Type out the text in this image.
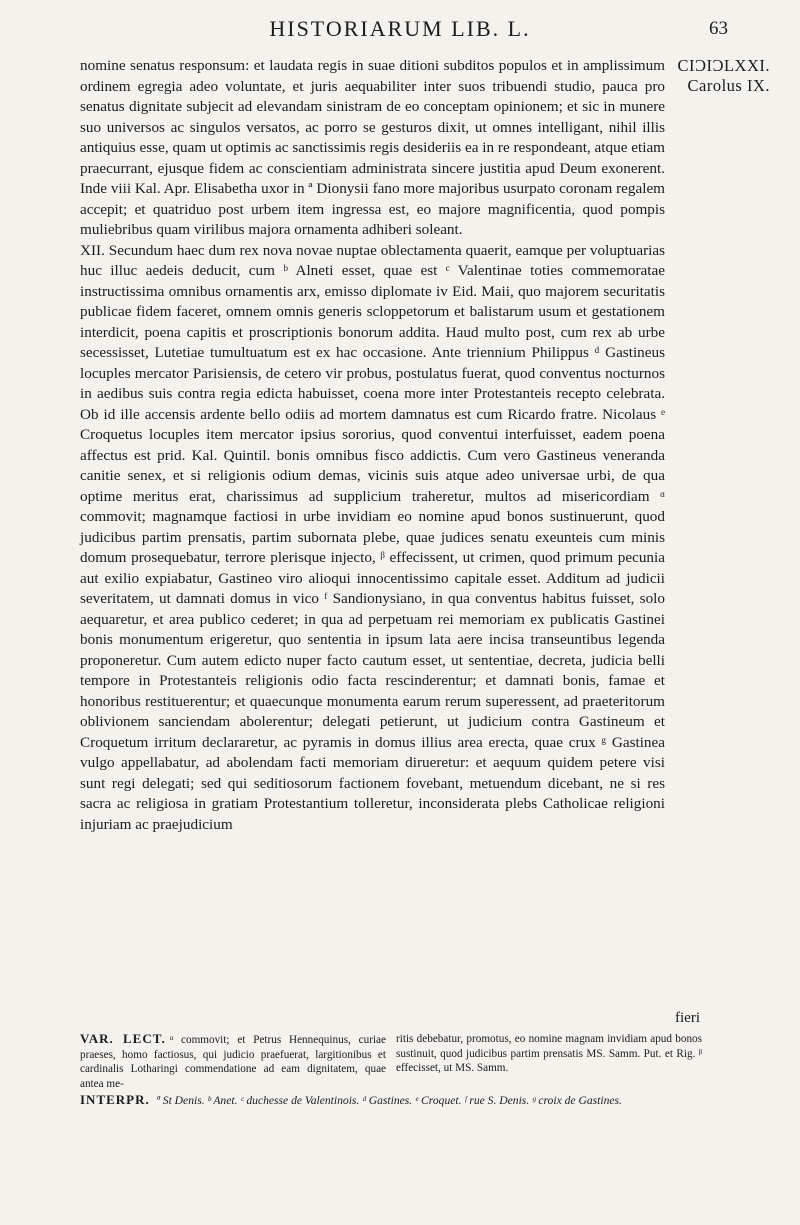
HISTORIARUM LIB. L.	63
CIƆIƆLXXI.
Carolus IX.

nomine senatus responsum: et laudata regis in suae ditioni subditos populos et in amplissimum ordinem egregia adeo voluntate, et juris aequabiliter inter suos tribuendi studio, pauca pro senatus dignitate subjecit ad elevandam sinistram de eo conceptam opinionem; et sic in munere suo universos ac singulos versatos, ac porro se gesturos dixit, ut omnes intelligant, nihil illis antiquius esse, quam ut optimis ac sanctissimis regis desideriis ea in re respondeant, atque etiam praecurrant, ejusque fidem ac conscientiam administrata sincere justitia apud Deum exonerent. Inde viii Kal. Apr. Elisabetha uxor in ª Dionysii fano more majoribus usurpato coronam regalem accepit; et quatriduo post urbem item ingressa est, eo majore magnificentia, quod pompis muliebribus quam virilibus majora ornamenta adhiberi soleant.

XII. Secundum haec dum rex nova novae nuptae oblectamenta quaerit, eamque per voluptuarias huc illuc aedeis deducit, cum ᵇ Alneti esset, quae est ᶜ Valentinae toties commemoratae instructissima omnibus ornamentis arx, emisso diplomate iv Eid. Maii, quo majorem securitatis publicae fidem faceret, omnem omnis generis scloppetorum et balistarum usum et gestationem interdicit, poena capitis et proscriptionis bonorum addita. Haud multo post, cum rex ab urbe secessisset, Lutetiae tumultuatum est ex hac occasione. Ante triennium Philippus ᵈ Gastineus locuples mercator Parisiensis, de cetero vir probus, postulatus fuerat, quod conventus nocturnos in aedibus suis contra regia edicta habuisset, coena more inter Protestanteis recepto celebrata. Ob id ille accensis ardente bello odiis ad mortem damnatus est cum Ricardo fratre. Nicolaus ᵉ Croquetus locuples item mercator ipsius sororius, quod conventui interfuisset, eadem poena affectus est prid. Kal. Quintil. bonis omnibus fisco addictis. Cum vero Gastineus veneranda canitie senex, et si religionis odium demas, vicinis suis atque adeo universae urbi, de qua optime meritus erat, charissimus ad supplicium traheretur, multos ad misericordiam ᵅ commovit; magnamque factiosi in urbe invidiam eo nomine apud bonos sustinuerunt, quod judicibus partim prensatis, partim subornata plebe, quae judices senatu exeunteis cum minis domum prosequebatur, terrore plerisque injecto, ᵝ effecissent, ut crimen, quod primum pecunia aut exilio expiabatur, Gastineo viro alioqui innocentissimo capitale esset. Additum ad judicii severitatem, ut damnati domus in vico ᶠ Sandionysiano, in qua conventus habitus fuisset, solo aequaretur, et area publico cederet; in qua ad perpetuam rei memoriam ex publicatis Gastinei bonis monumentum erigeretur, quo sententia in ipsum lata aere incisa transeuntibus legenda proponeretur. Cum autem edicto nuper facto cautum esset, ut sententiae, decreta, judicia belli tempore in Protestanteis religionis odio facta rescinderentur; et damnati bonis, famae et honoribus restituerentur; et quaecunque monumenta earum rerum superessent, ad praeteritorum oblivionem sanciendam abolerentur; delegati petierunt, ut judicium contra Gastineum et Croquetum irritum declararetur, ac pyramis in domus illius area erecta, quae crux ᵍ Gastinea vulgo appellabatur, ad abolendam facti memoriam dirueretur: et aequum quidem petere visi sunt regi delegati; sed qui seditiosorum factionem fovebant, metuendum dicebant, ne si res sacra ac religiosa in gratiam Protestantium tolleretur, inconsiderata plebs Catholicae religioni injuriam ac praejudicium

fieri
VAR. LECT. ᵅ commovit; et Petrus Hennequinus, curiae praeses, homo factiosus, qui judicio praefuerat, largitionibus et cardinalis Lotharingi commendatione ad eam dignitatem, quae antea me-
ritis debebatur, promotus, eo nomine magnam invidiam apud bonos sustinuit, quod judicibus partim prensatis MS. Samm. Put. et Rig. ᵝ effecisset, ut MS. Samm.
INTERPR. ª St Denis. ᵇ Anet. ᶜ duchesse de Valentinois. ᵈ Gastines. ᵉ Croquet. ᶠ rue S. Denis. ᵍ croix de Gastines.
